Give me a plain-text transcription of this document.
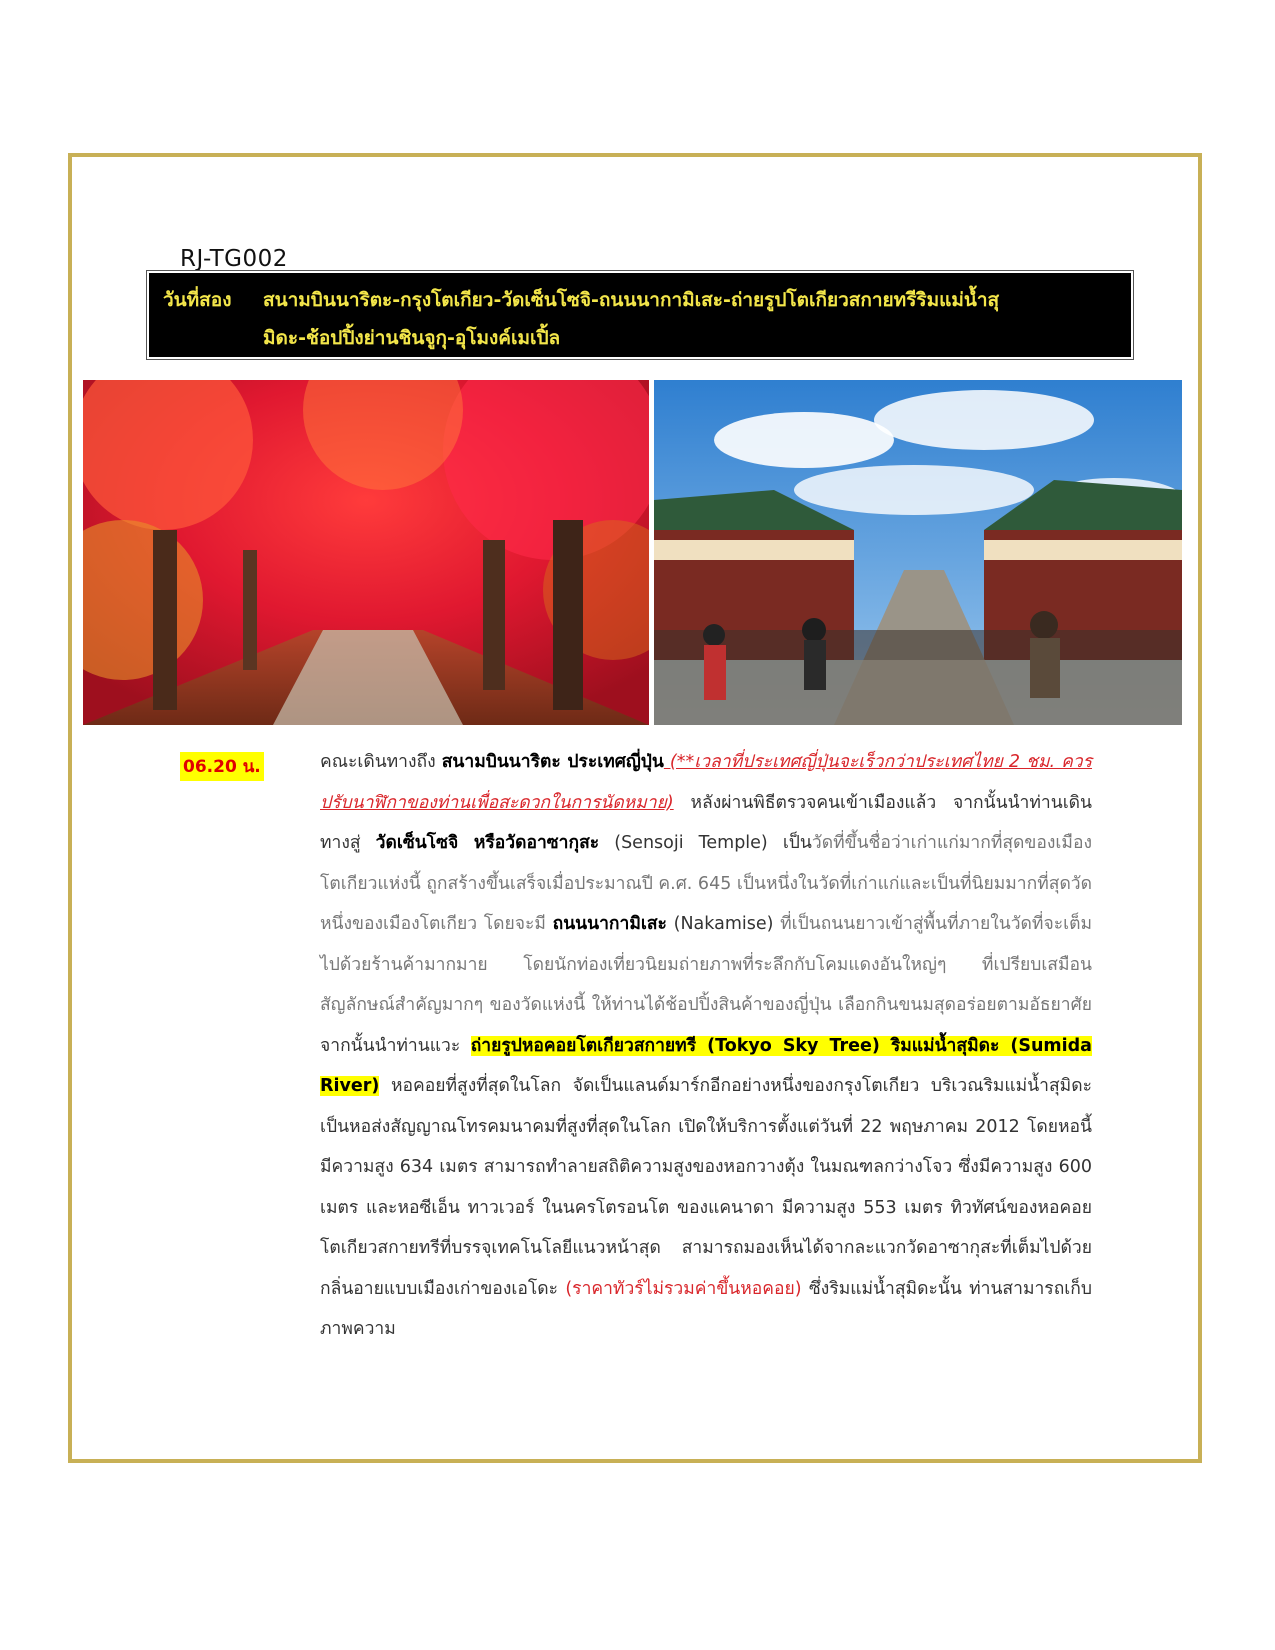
RJ-TG002
วันที่สอง สนามบินนาริตะ-กรุงโตเกียว-วัดเซ็นโซจิ-ถนนนากามิเสะ-ถ่ายรูปโตเกียวสกายทรีริมแม่น้ำสุ
มิดะ-ช้อปปิ้งย่านชินจูกุ-อุโมงค์เมเปิ้ล
06.20 น.	คณะเดินทางถึง สนามบินนาริตะ ประเทศญี่ปุ่น (**เวลาที่ประเทศญี่ปุ่นจะเร็วกว่าประเทศไทย 2 ชม. ควรปรับนาฬิกาของท่านเพื่อสะดวกในการนัดหมาย) หลังผ่านพิธีตรวจคนเข้าเมืองแล้ว จากนั้นนำท่านเดินทางสู่ วัดเซ็นโซจิ หรือวัดอาซากุสะ (Sensoji Temple) เป็นวัดที่ขึ้นชื่อว่าเก่าแก่มากที่สุดของเมืองโตเกียวแห่งนี้ ถูกสร้างขึ้นเสร็จเมื่อประมาณปี ค.ศ. 645 เป็นหนึ่งในวัดที่เก่าแก่และเป็นที่นิยมมากที่สุดวัดหนึ่งของเมืองโตเกียว โดยจะมี ถนนนากามิเสะ (Nakamise) ที่เป็นถนนยาวเข้าสู่พื้นที่ภายในวัดที่จะเต็มไปด้วยร้านค้ามากมาย โดยนักท่องเที่ยวนิยมถ่ายภาพที่ระลึกกับโคมแดงอันใหญ่ๆ ที่เปรียบเสมือนสัญลักษณ์สำคัญมากๆ ของวัดแห่งนี้ ให้ท่านได้ช้อปปิ้งสินค้าของญี่ปุ่น เลือกกินขนมสุดอร่อยตามอัธยาศัย จากนั้นนำท่านแวะ ถ่ายรูปหอคอยโตเกียวสกายทรี (Tokyo Sky Tree) ริมแม่น้ำสุมิดะ (Sumida River) หอคอยที่สูงที่สุดในโลก จัดเป็นแลนด์มาร์กอีกอย่างหนึ่งของกรุงโตเกียว บริเวณริมแม่น้ำสุมิดะ เป็นหอส่งสัญญาณโทรคมนาคมที่สูงที่สุดในโลก เปิดให้บริการตั้งแต่วันที่ 22 พฤษภาคม 2012 โดยหอนี้มีความสูง 634 เมตร สามารถทำลายสถิติความสูงของหอกวางตุ้ง ในมณฑลกว่างโจว ซึ่งมีความสูง 600 เมตร และหอซีเอ็น ทาวเวอร์ ในนครโตรอนโต ของแคนาดา มีความสูง 553 เมตร ทิวทัศน์ของหอคอยโตเกียวสกายทรีที่บรรจุเทคโนโลยีแนวหน้าสุด สามารถมองเห็นได้จากละแวกวัดอาซากุสะที่เต็มไปด้วยกลิ่นอายแบบเมืองเก่าของเอโดะ (ราคาทัวร์ไม่รวมค่าขึ้นหอคอย) ซึ่งริมแม่น้ำสุมิดะนั้น ท่านสามารถเก็บภาพความ
